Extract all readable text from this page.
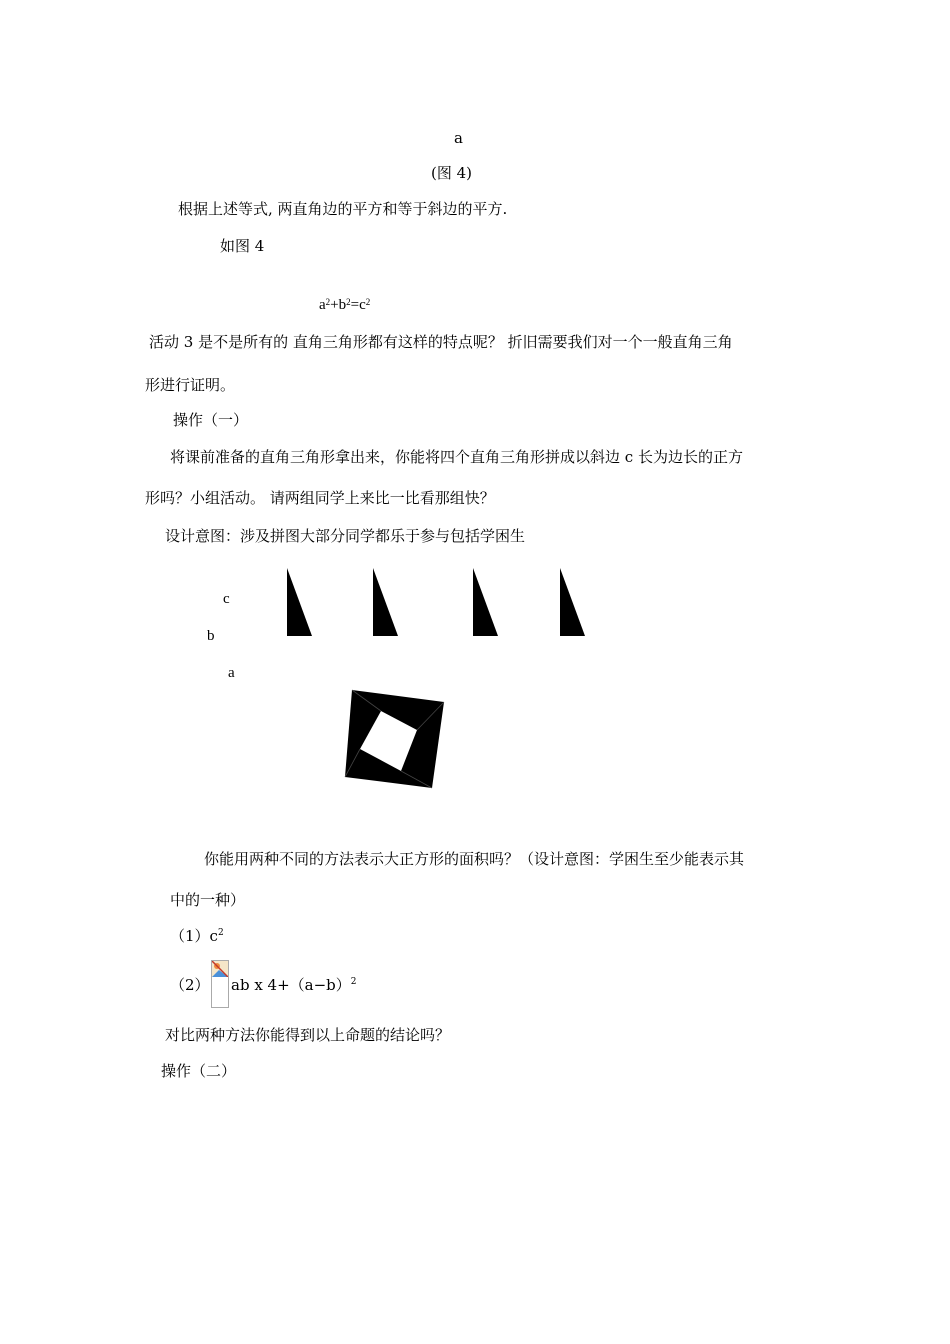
a
(图 4)
根据上述等式, 两直角边的平方和等于斜边的平方.
如图 4
$a^2+b^2=c^2$
活动 3 是不是所有的 直角三角形都有这样的特点呢？ 折旧需要我们对一个一般直角三角
形进行证明。
操作（一）
将课前准备的直角三角形拿出来，你能将四个直角三角形拼成以斜边 c 长为边长的正方
形吗？小组活动。 请两组同学上来比一比看那组快？
设计意图：涉及拼图大部分同学都乐于参与包括学困生
c
b
a
你能用两种不同的方法表示大正方形的面积吗？（设计意图：学困生至少能表示其
中的一种）
$(1)c^2$
（2） ab x $4+(a-b)^2$
对比两种方法你能得到以上命题的结论吗？
操作（二）
